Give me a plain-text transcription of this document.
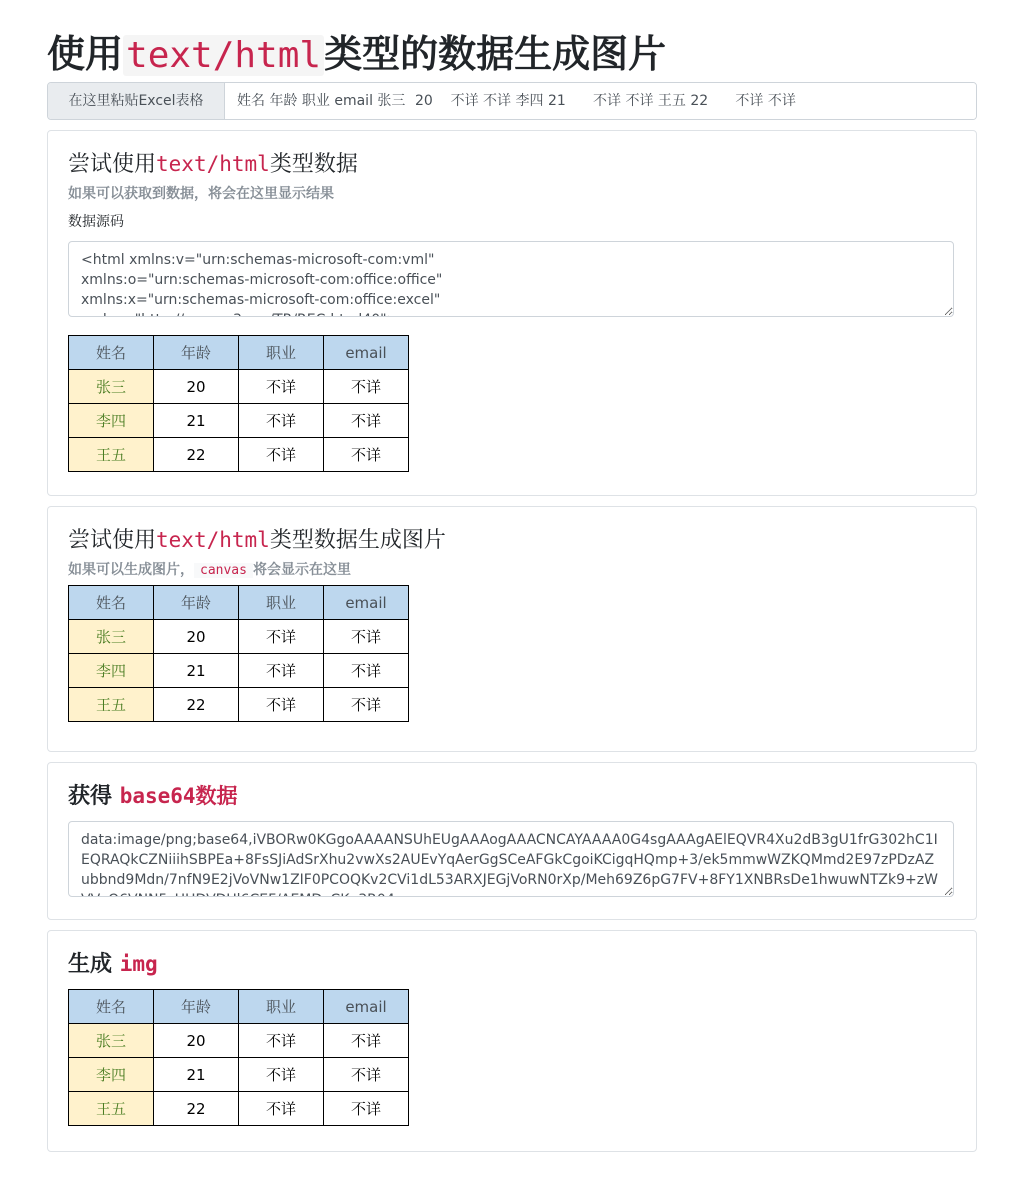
使用text/html类型的数据生成图片
在这里粘贴Excel表格	姓名 年龄 职业 email 张三	20	不详 不详 李四 21	不详 不详 王五 22	不详 不详
尝试使用text/html类型数据
如果可以获取到数据，将会在这里显示结果
数据源码
<html xmlns:v="urn:schemas-microsoft-com:vml" xmlns:o="urn:schemas-microsoft-com:office:office" xmlns:x="urn:schemas-microsoft-com:office:excel" xmlns="http://www.w3.org/TR/REC-html40">
姓名	年龄	职业	email
张三	20	不详	不详
李四	21	不详	不详
王五	22	不详	不详
尝试使用text/html类型数据生成图片
如果可以生成图片， canvas 将会显示在这里
姓名	年龄	职业	email
张三	20	不详	不详
李四	21	不详	不详
王五	22	不详	不详
获得 base64数据
data:image/png;base64,iVBORw0KGgoAAAANSUhEUgAAAogAAACNCAYAAAA0G4sgAAAgAElEQVR4Xu2dB3gU1frG302hC1IEQRAQkCZNiiihSBPEa+8FsSJiAdSrXhu2vwXs2AUEvYqAerGgSCeAFGkCgoiKCigqHQmp+3/ek5mmwWZKQMmd2E97zPDzAZubbnd9Mdn/7nfN9E2jVoVNw1ZIF0PCOQKv2CVi1dL53ARXJEGjVoRN0rXp/Meh69Z6pG7FV+8FY1XNBRsDe1hwuwNTZk9+zWVVyQ6VNN5zUHDVDUl6CEF/AEMDyCKp3R04
生成 img
姓名	年龄	职业	email
张三	20	不详	不详
李四	21	不详	不详
王五	22	不详	不详
